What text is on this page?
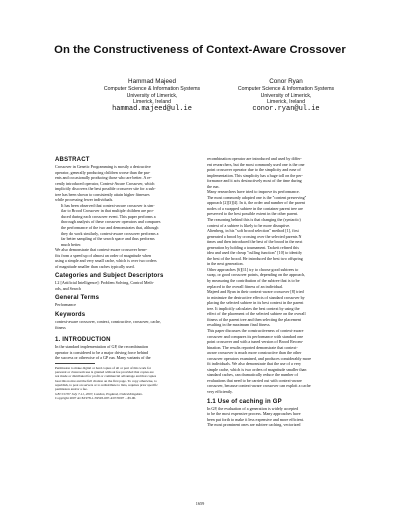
On the Constructiveness of Context-Aware Crossover
Hammad Majeed
Computer Science & Information Systems
University of Limerick,
Limerick, Ireland
hammad.majeed@ul.ie
Conor Ryan
Computer Science & Information Systems
University of Limerick,
Limerick, Ireland
conor.ryan@ul.ie

ABSTRACT

Crossover in Genetic Programming is mostly a destructive
operator, generally producing children worse than the par-
ents and occasionally producing those who are better. A re-
cently introduced operator, Context-Aware Crossover, which
implicitly discovers the best possible crossover site for a sub-
tree has been shown to consistently attain higher fitnesses
while processing fewer individuals.
It has been observed that context-aware crossover is sim-
ilar to Brood Crossover in that multiple children are pro-
duced during each crossover event. This paper performs a
thorough analysis of these crossover operators and compares
the performance of the two and demonstrates that, although
they do work similarly, context-aware crossover performs a
far better sampling of the search space and thus performs
much better.
We also demonstrate that context-aware crossover bene-
fits from a speed up of almost an order of magnitude when
using a simple and very small cache, which is over two orders
of magnitude smaller than caches typically used.

Categories and Subject Descriptors

I.2 [Artificial Intelligence]: Problem Solving, Control Meth-
ods, and Search

General Terms

Performance

Keywords

context-aware crossover, context, constructive, crossover, cache,
fitness

1. INTRODUCTION

In the standard implementation of GP, the recombination
operator is considered to be a major driving force behind
the success or otherwise of a GP run. Many variants of the
Permission to make digital or hard copies of all or part of this work for
personal or classroom use is granted without fee provided that copies are
not made or distributed for profit or commercial advantage and that copies
bear this notice and the full citation on the first page. To copy otherwise, to
republish, to post on servers or to redistribute to lists, requires prior specific
permission and/or a fee.
GECCO'07 July 7-11, 2007, London, England, United Kingdom.
Copyright 2007 ACM 978-1-59593-697-4/07/0007 ...$5.00.
recombination operator are introduced and used by differ-
ent researchers, but the most commonly used one is the one
point crossover operator due to the simplicity and ease of
implementation. This simplicity has a huge toll on the per-
formance and it acts destructively most of the time during
the run.
Many researchers have tried to improve its performance.
The most commonly adopted one is the "content preserving"
approach [2][3][4]. In it, the order and number of the parent
nodes of a swapped subtree in the container parent tree are
preserved to the best possible extent in the other parent.
The reasoning behind this is that changing the (syntactic)
context of a subtree is likely to be more disruptive.
Altenberg, in his "soft brood selection" method [1], first
generated a brood by crossing over the selected parents N
times and then introduced the best of the brood in the next
generation by holding a tournament. Tackett refined this
idea and used the cheap "culling function" [10] to identify
the best of the brood. He introduced the best two offspring
in the next generation.
Other approaches [6][11] try to choose good subtrees to
swap, or good crossover points, depending on the approach,
by measuring the contribution of the subtree that is to be
replaced to the overall fitness of an individual.
Majeed and Ryan in their context-aware crossover [8] tried
to minimize the destructive effects of standard crossover by
placing the selected subtree in its best context in the parent
tree. It implicitly calculates the best context by using the
effect of the placement of the selected subtree on the overall
fitness of the parent tree and then selecting the placement
resulting in the maximum final fitness.
This paper discusses the constructiveness of context-aware
crossover and compares its performance with standard one
point crossover and with a tuned version of Brood Recom-
bination. The results reported demonstrate that context-
aware crossover is much more constructive than the other
crossover operators examined, and produces considerably more
fit individuals. We also demonstrate that the use of a very
simple cache, which is two orders of magnitude smaller than
standard caches, can dramatically reduce the number of
evaluations that need to be carried out with context-aware
crossover, because context-aware crossover can exploit a cache
very efficiently.

1.1 Use of caching in GP

In GP, the evaluation of a generation is widely accepted
to be the most expensive process. Many approaches have
been put forth to make it less expensive and more efficient.
The most prominent ones are subtree caching, vectorized
1659
